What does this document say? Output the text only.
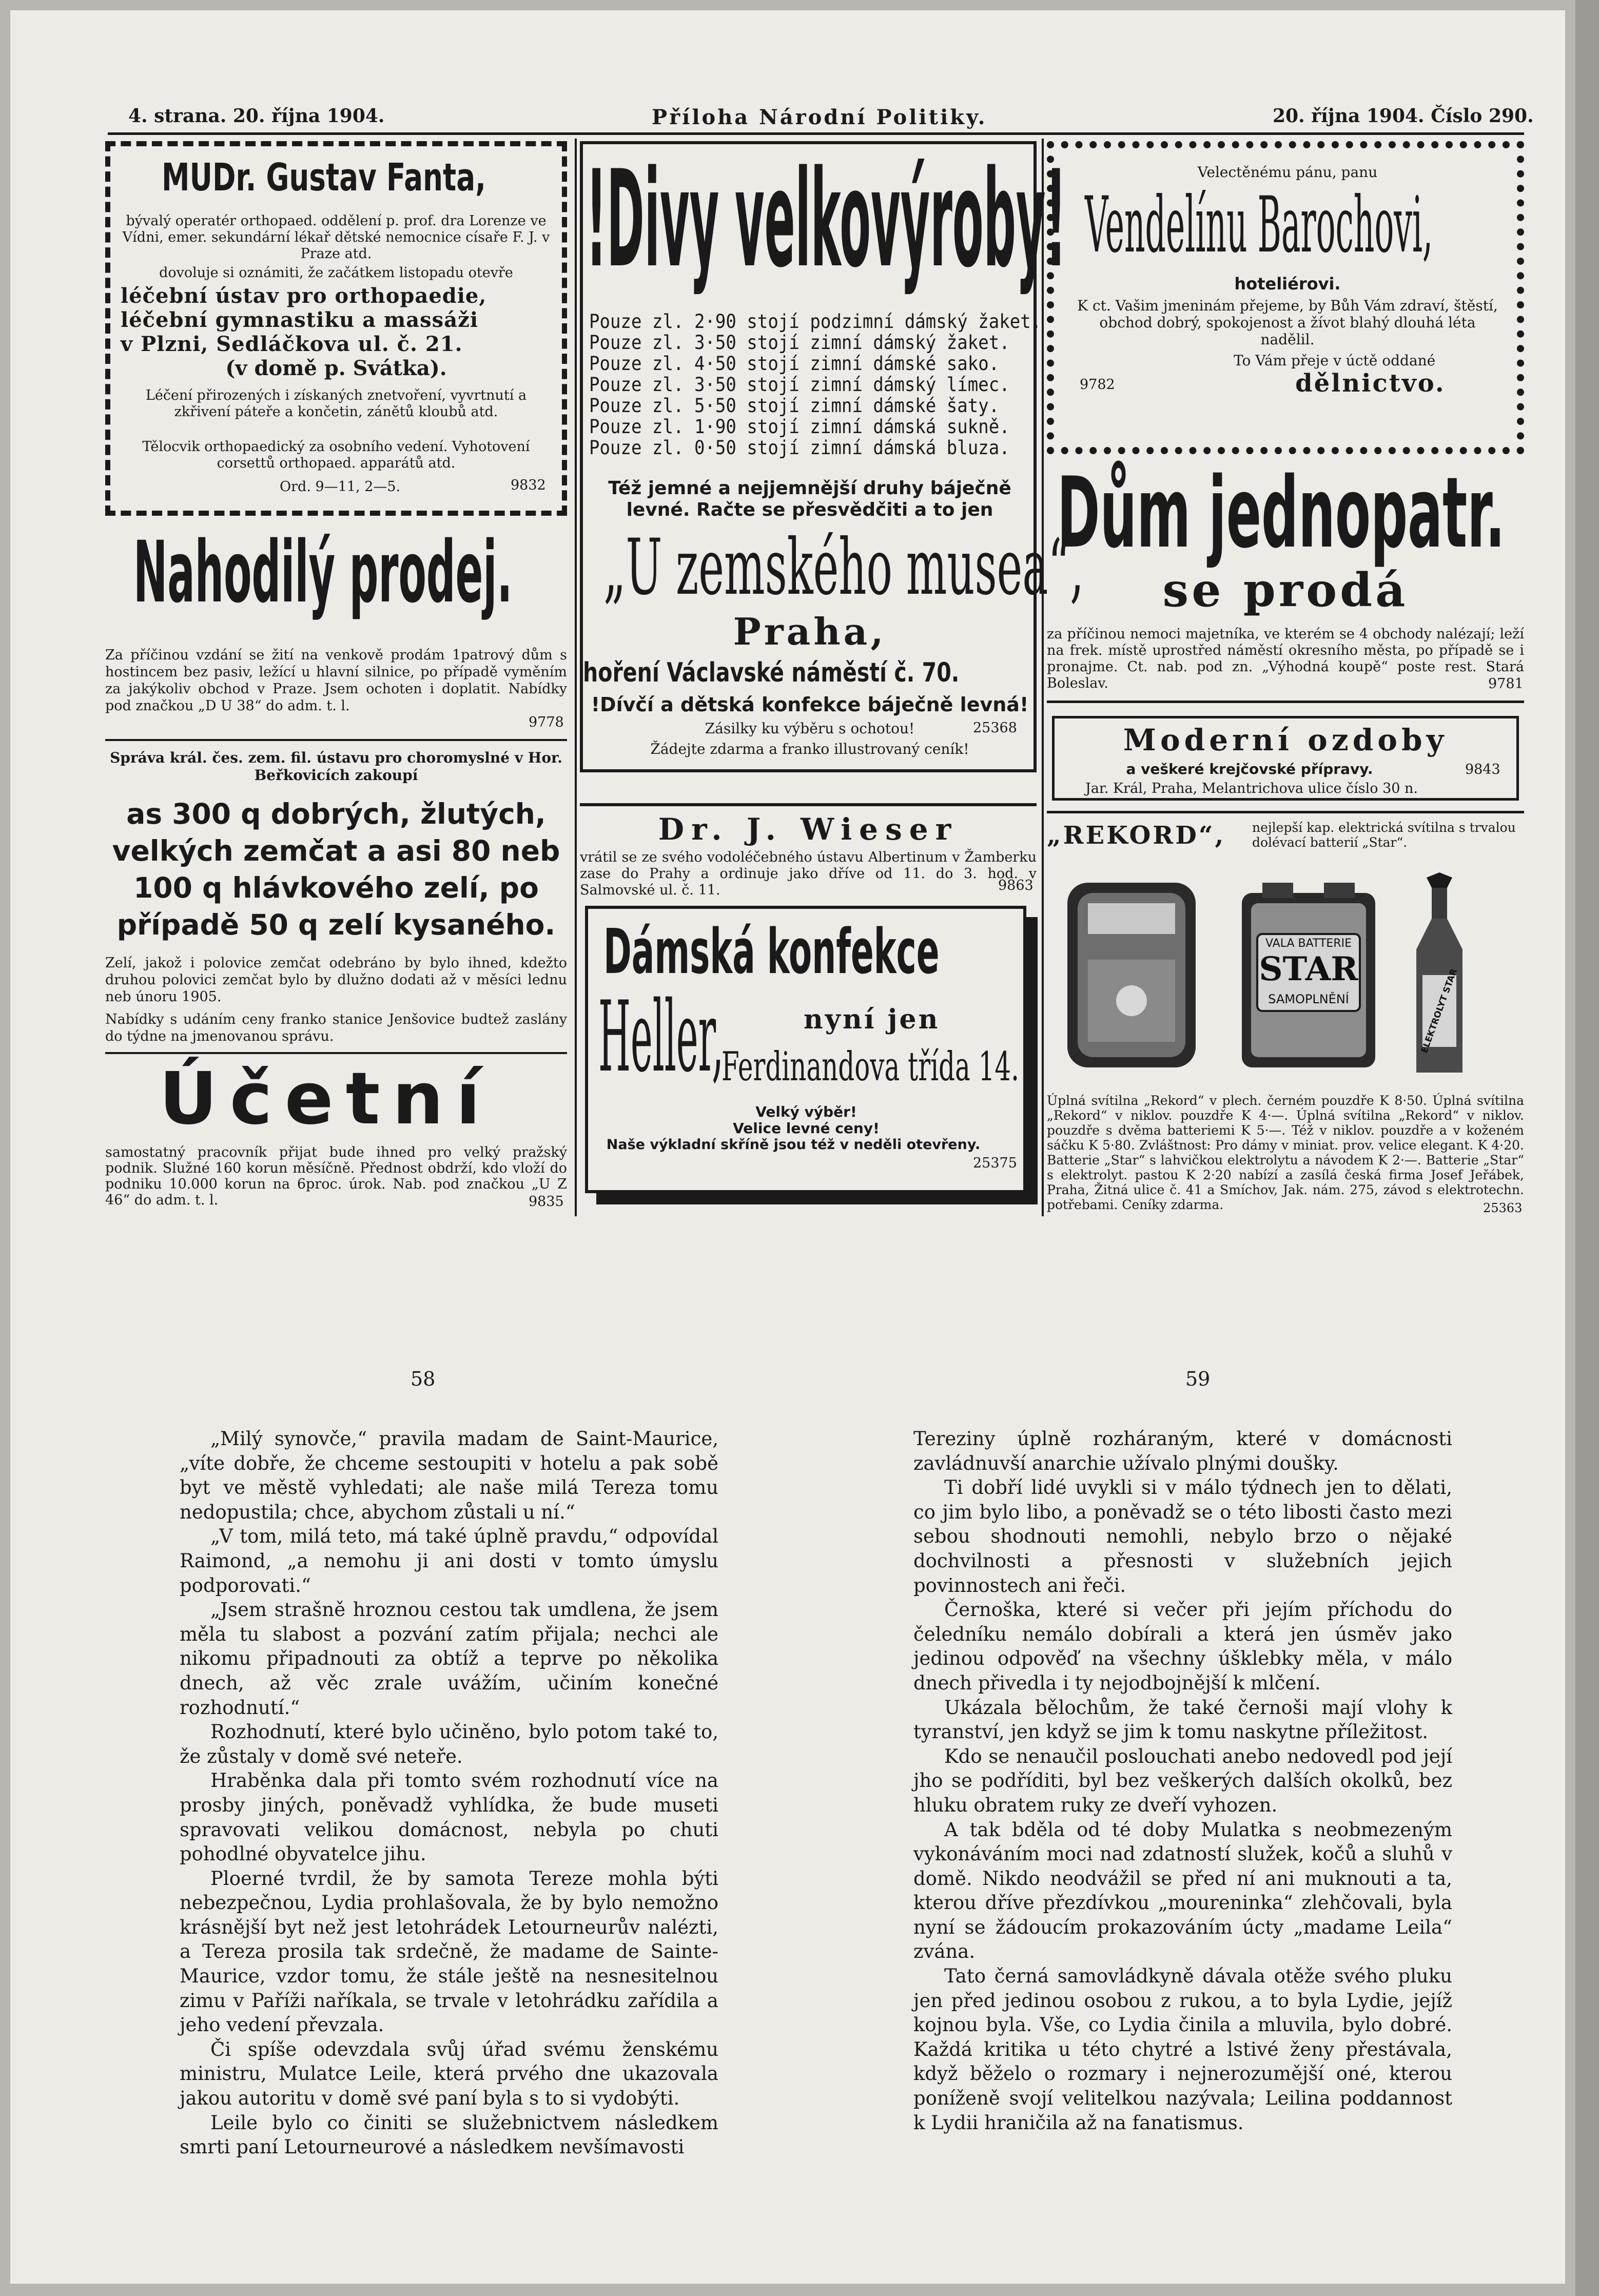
4. strana. 20. října 1904.	Příloha Národní Politiky.	20. října 1904. Číslo 290.
MUDr. Gustav Fanta,
bývalý operatér orthopaed. oddělení p. prof. dra Lorenze ve Vídni, emer. sekundární lékař dětské nemocnice císaře F. J. v Praze atd.
dovoluje si oznámiti, že začátkem listopadu otevře
léčební ústav pro orthopaedie,
léčební gymnastiku a massáži
v Plzni, Sedláčkova ul. č. 21.
(v domě p. Svátka).
Léčení přirozených i získaných znetvoření, vyvrtnutí a zkřivení páteře a končetin, zánětů kloubů atd.
Tělocvik orthopaedický za osobního vedení. Vyhotovení corsettů orthopaed. apparátů atd.
Ord. 9—11, 2—5.	9832
Nahodilý prodej.
Za příčinou vzdání se žití na venkově prodám 1patrový dům s hostincem bez pasiv, ležící u hlavní silnice, po případě vyměním za jakýkoliv obchod v Praze. Jsem ochoten i doplatit. Nabídky pod značkou „D U 38“ do adm. t. l.
9778
Správa král. čes. zem. fil. ústavu pro choromyslné v Hor. Beřkovicích zakoupí
as 300 q dobrých, žlutých, velkých zemčat a asi 80 neb 100 q hlávkového zelí, po případě 50 q zelí kysaného.
Zelí, jakož i polovice zemčat odebráno by bylo ihned, kdežto druhou polovici zemčat bylo by dlužno dodati až v měsíci lednu neb únoru 1905.
Nabídky s udáním ceny franko stanice Jenšovice budtež zaslány do týdne na jmenovanou správu.
Účetní
samostatný pracovník přijat bude ihned pro velký pražský podnik. Služné 160 korun měsíčně. Přednost obdrží, kdo vloží do podniku 10.000 korun na 6proc. úrok. Nab. pod značkou „U Z 46“ do adm. t. l.	9835
!Divy velkovýroby!
Pouze zl. 2·90 stojí podzimní dámský žaket.
Pouze zl. 3·50 stojí zimní dámský žaket.
Pouze zl. 4·50 stojí zimní dámské sako.
Pouze zl. 3·50 stojí zimní dámský límec.
Pouze zl. 5·50 stojí zimní dámské šaty.
Pouze zl. 1·90 stojí zimní dámská sukně.
Pouze zl. 0·50 stojí zimní dámská bluza.
Též jemné a nejjemnější druhy báječně levné. Račte se přesvědčiti a to jen
„U zemského musea“,
Praha,
hoření Václavské náměstí č. 70.
!Dívčí a dětská konfekce báječně levná!
Zásilky ku výběru s ochotou!	25368
Žádejte zdarma a franko illustrovaný ceník!
Dr. J. Wieser
vrátil se ze svého vodoléčebného ústavu Albertinum v Žamberku zase do Prahy a ordinuje jako dříve od 11. do 3. hod. v Salmovské ul. č. 11.	9863
Dámská konfekce
Heller,	nyní jen
Ferdinandova třída 14.
Velký výběr!
Velice levné ceny!
Naše výkladní skříně jsou též v neděli otevřeny.
25375
Velectěnému pánu, panu
Vendelínu Barochovi,
hoteliérovi.
K ct. Vašim jmeninám přejeme, by Bůh Vám zdraví, štěstí, obchod dobrý, spokojenost a žívot blahý dlouhá léta nadělil.
To Vám přeje v úctě oddané
9782	dělnictvo.
Dům jednopatr.
se prodá
za příčinou nemoci majetníka, ve kterém se 4 obchody nalézají; leží na frek. místě uprostřed náměstí okresního města, po případě se i pronajme. Ct. nab. pod zn. „Výhodná koupě“ poste rest. Stará Boleslav.	9781
Moderní ozdoby
a veškeré krejčovské přípravy.	9843
Jar. Král, Praha, Melantrichova ulice číslo 30 n.
„REKORD“, nejlepší kap. elektrická svítilna s trvalou dolévací batterií „Star“.
VALA BATTERIE
STAR
SAMOPLNĚNÍ	ELEKTROLYT STAR
Úplná svítilna „Rekord“ v plech. černém pouzdře K 8·50. Úplná svítilna „Rekord“ v niklov. pouzdře K 4·—. Úplná svítilna „Rekord“ v niklov. pouzdře s dvěma batteriemi K 5·—. Též v niklov. pouzdře a v koženém sáčku K 5·80. Zvláštnost: Pro dámy v miniat. prov. velice elegant. K 4·20. Batterie „Star“ s lahvičkou elektrolytu a návodem K 2·—. Batterie „Star“ s elektrolyt. pastou K 2·20 nabízí a zasílá česká firma Josef Jeřábek, Praha, Žitná ulice č. 41 a Smíchov, Jak. nám. 275, závod s elektrotechn. potřebami. Ceníky zdarma.	25363
58	59

„Milý synovče,“ pravila madam de Saint-Maurice, „víte dobře, že chceme sestoupiti v hotelu a pak sobě byt ve městě vyhledati; ale naše milá Tereza tomu nedopustila; chce, abychom zůstali u ní.“

„V tom, milá teto, má také úplně pravdu,“ odpovídal Raimond, „a nemohu ji ani dosti v tomto úmyslu podporovati.“

„Jsem strašně hroznou cestou tak umdlena, že jsem měla tu slabost a pozvání zatím přijala; nechci ale nikomu připadnouti za obtíž a teprve po několika dnech, až věc zrale uvážím, učiním konečné rozhodnutí.“

Rozhodnutí, které bylo učiněno, bylo potom také to, že zůstaly v domě své neteře.

Hraběnka dala při tomto svém rozhodnutí více na prosby jiných, poněvadž vyhlídka, že bude museti spravovati velikou domácnost, nebyla po chuti pohodlné obyvatelce jihu.

Ploerné tvrdil, že by samota Tereze mohla býti nebezpečnou, Lydia prohlašovala, že by bylo nemožno krásnější byt než jest letohrádek Letourneurův nalézti, a Tereza prosila tak srdečně, že madame de Sainte-Maurice, vzdor tomu, že stále ještě na nesnesitelnou zimu v Paříži naříkala, se trvale v letohrádku zařídila a jeho vedení převzala.

Či spíše odevzdala svůj úřad svému ženskému ministru, Mulatce Leile, která prvého dne ukazovala jakou autoritu v domě své paní byla s to si vydobýti.

Leile bylo co činiti se služebnictvem následkem smrti paní Letourneurové a následkem nevšímavosti

Tereziny úplně rozháraným, které v domácnosti zavládnuvší anarchie užívalo plnými doušky.

Ti dobří lidé uvykli si v málo týdnech jen to dělati, co jim bylo libo, a poněvadž se o této libosti často mezi sebou shodnouti nemohli, nebylo brzo o nějaké dochvilnosti a přesnosti v služebních jejich povinnostech ani řeči.

Černoška, které si večer při jejím příchodu do čeledníku nemálo dobírali a která jen úsměv jako jedinou odpověď na všechny úšklebky měla, v málo dnech přivedla i ty nejodbojnější k mlčení.

Ukázala bělochům, že také černoši mají vlohy k tyranství, jen když se jim k tomu naskytne příležitost.

Kdo se nenaučil poslouchati anebo nedovedl pod její jho se podříditi, byl bez veškerých dalších okolků, bez hluku obratem ruky ze dveří vyhozen.

A tak bděla od té doby Mulatka s neobmezeným vykonáváním moci nad zdatností služek, kočů a sluhů v domě. Nikdo neodvážil se před ní ani muknouti a ta, kterou dříve přezdívkou „moureninka“ zlehčovali, byla nyní se žádoucím prokazováním úcty „madame Leila“ zvána.

Tato černá samovládkyně dávala otěže svého pluku jen před jedinou osobou z rukou, a to byla Lydie, jejíž kojnou byla. Vše, co Lydia činila a mluvila, bylo dobré. Každá kritika u této chytré a lstivé ženy přestávala, když běželo o rozmary i nejnerozumější oné, kterou poníženě svojí velitelkou nazývala; Leilina poddannost k Lydii hraničila až na fanatismus.
